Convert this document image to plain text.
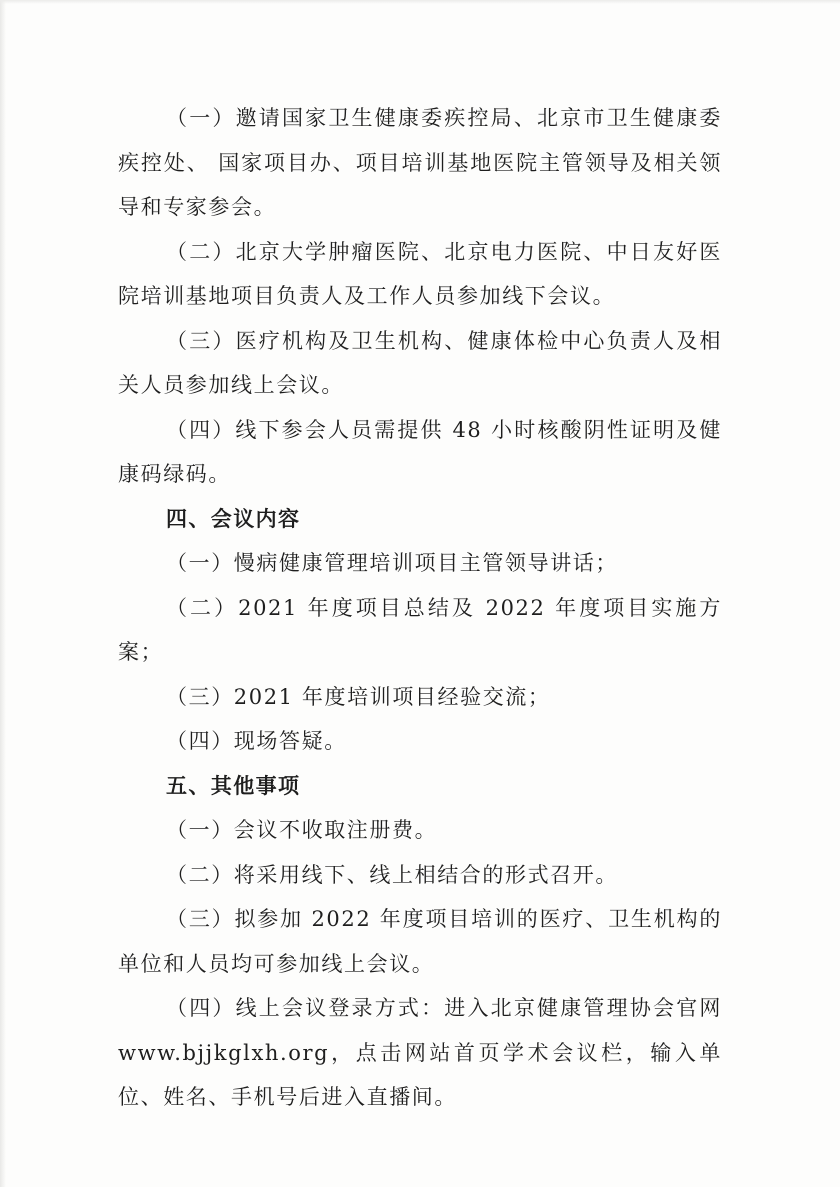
（一）邀请国家卫生健康委疾控局、北京市卫生健康委疾控处、 国家项目办、项目培训基地医院主管领导及相关领导和专家参会。

（二）北京大学肿瘤医院、北京电力医院、中日友好医院培训基地项目负责人及工作人员参加线下会议。

（三）医疗机构及卫生机构、健康体检中心负责人及相关人员参加线上会议。

（四）线下参会人员需提供 48 小时核酸阴性证明及健康码绿码。

四、会议内容

（一）慢病健康管理培训项目主管领导讲话；

（二）2021 年度项目总结及 2022 年度项目实施方案；

（三）2021 年度培训项目经验交流；

（四）现场答疑。

五、其他事项

（一）会议不收取注册费。

（二）将采用线下、线上相结合的形式召开。

（三）拟参加 2022 年度项目培训的医疗、卫生机构的单位和人员均可参加线上会议。

（四）线上会议登录方式：进入北京健康管理协会官网 www.bjjkglxh.org，点击网站首页学术会议栏，输入单位、姓名、手机号后进入直播间。
